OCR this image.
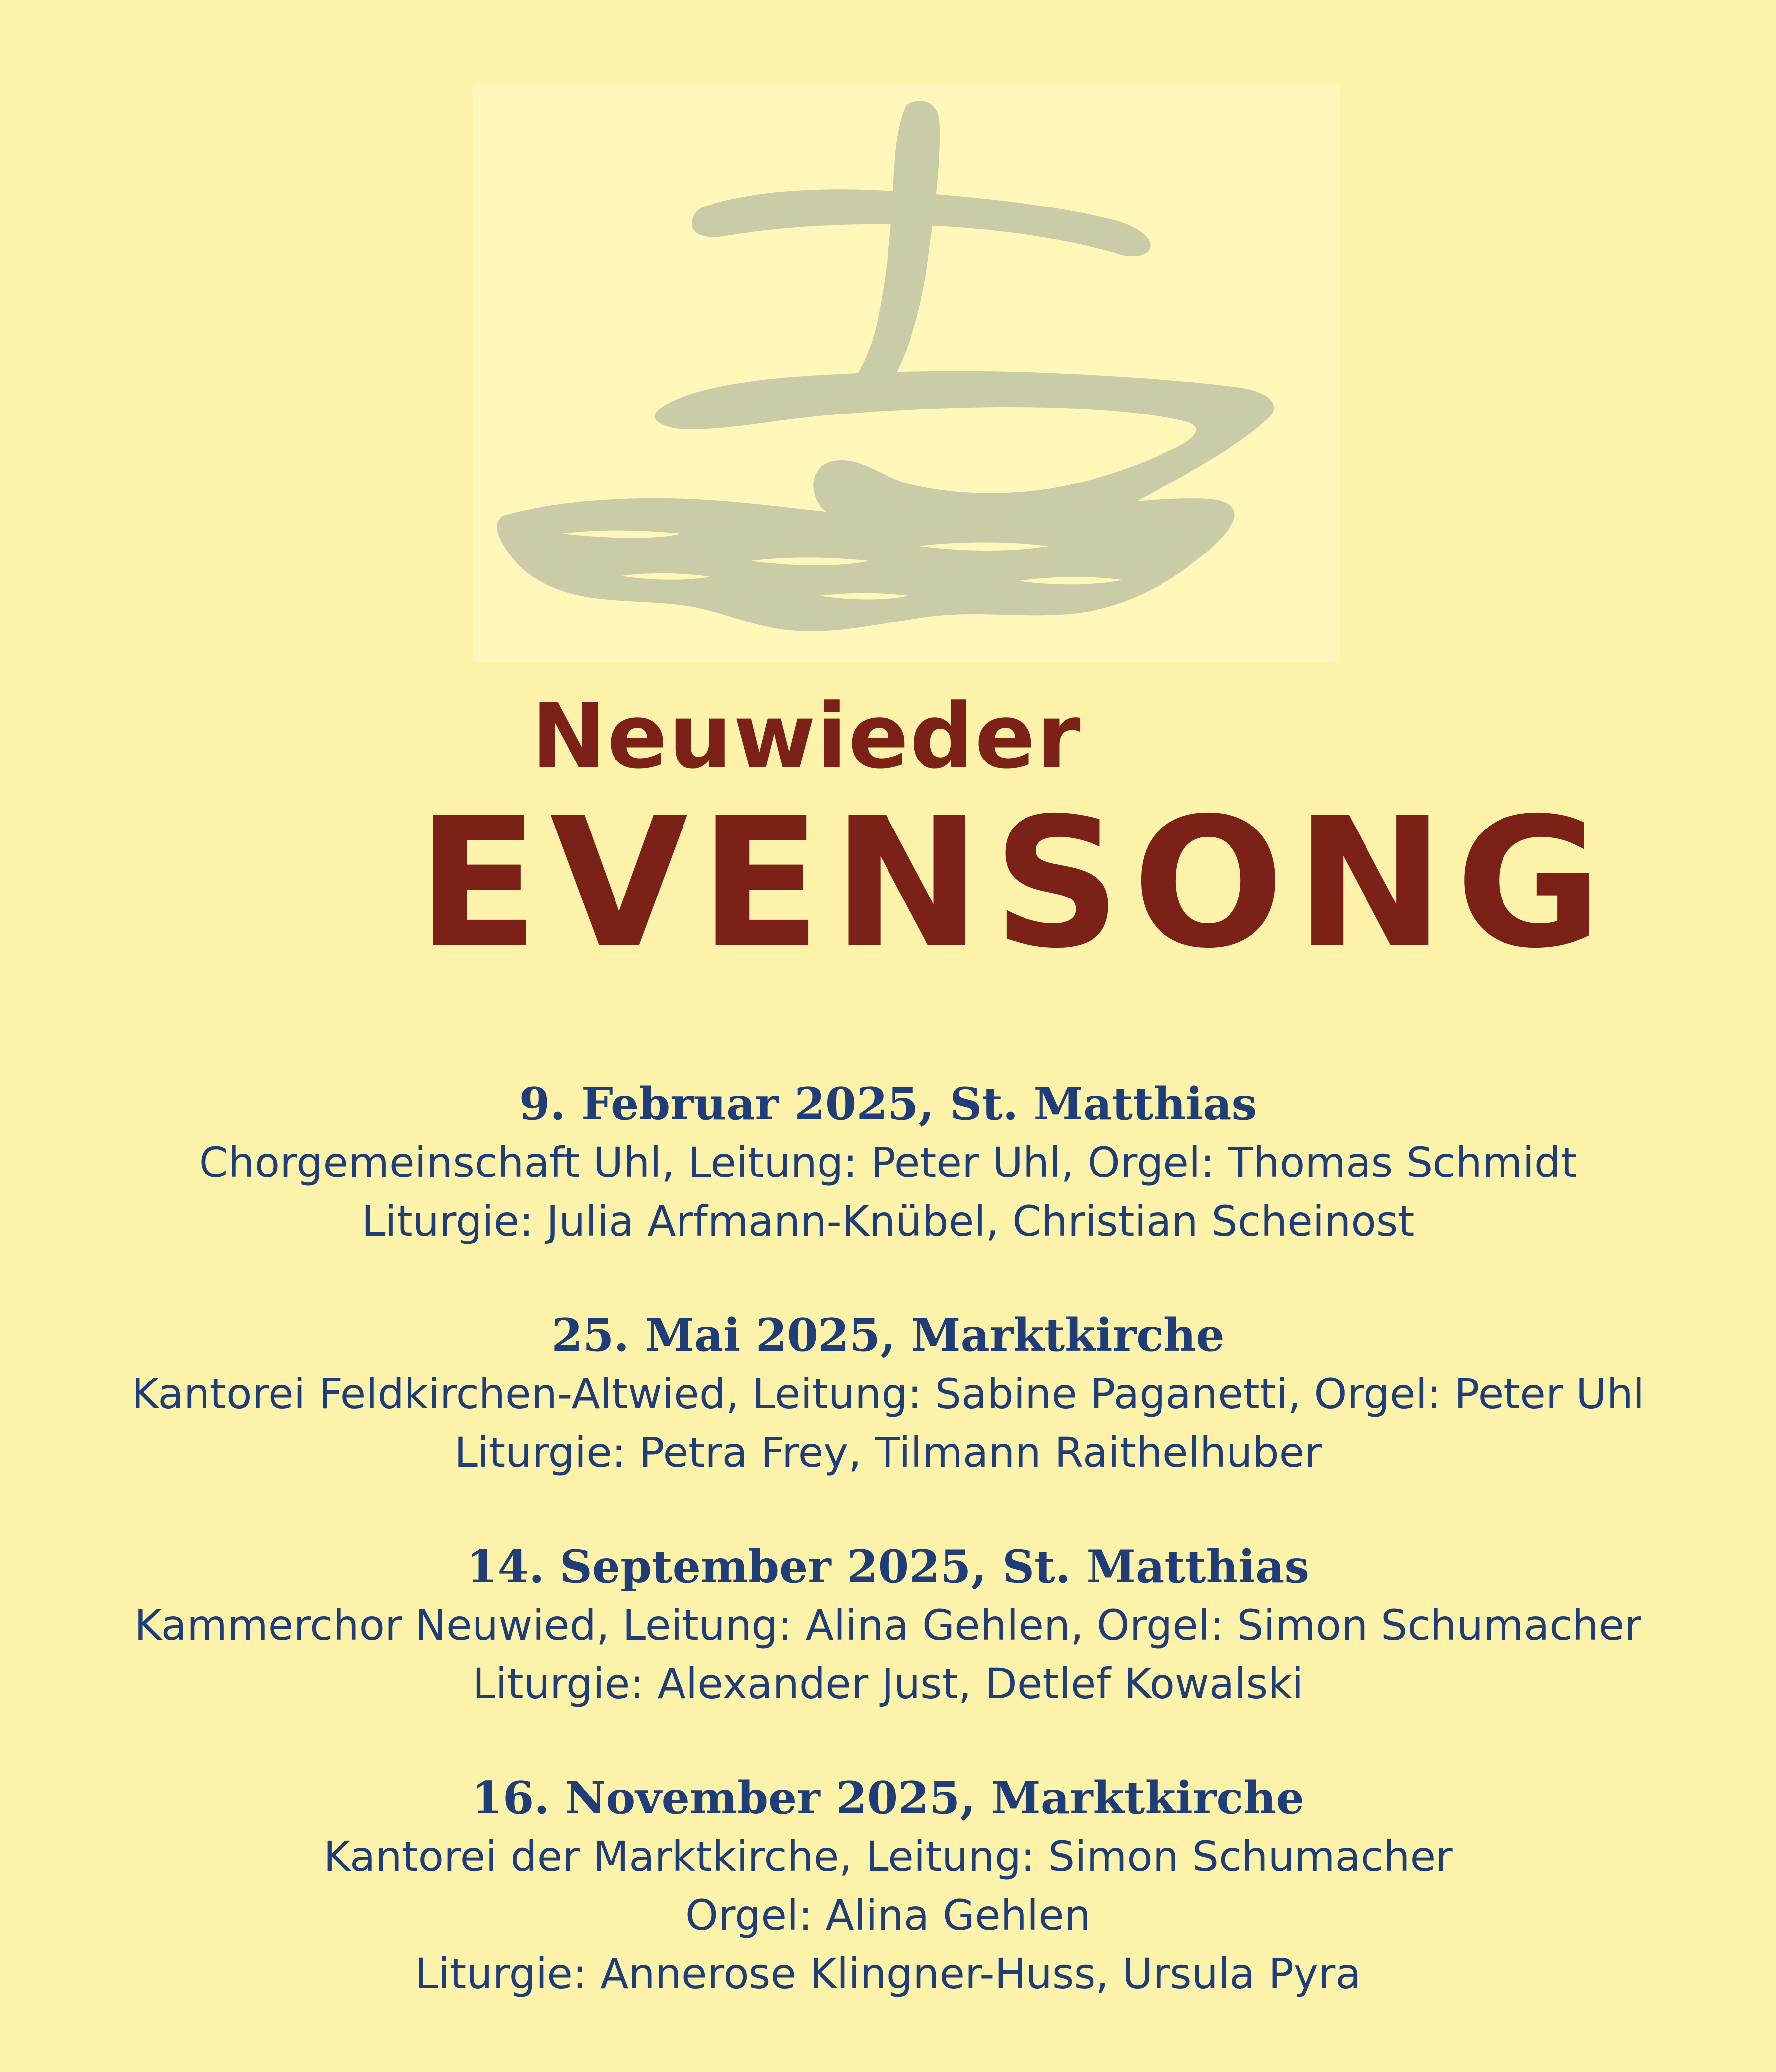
Neuwieder
EVENSONG
9. Februar 2025, St. Matthias
Chorgemeinschaft Uhl, Leitung: Peter Uhl, Orgel: Thomas Schmidt
Liturgie: Julia Arfmann-Knübel, Christian Scheinost
25. Mai 2025, Marktkirche
Kantorei Feldkirchen-Altwied, Leitung: Sabine Paganetti, Orgel: Peter Uhl
Liturgie: Petra Frey, Tilmann Raithelhuber
14. September 2025, St. Matthias
Kammerchor Neuwied, Leitung: Alina Gehlen, Orgel: Simon Schumacher
Liturgie: Alexander Just, Detlef Kowalski
16. November 2025, Marktkirche
Kantorei der Marktkirche, Leitung: Simon Schumacher
Orgel: Alina Gehlen
Liturgie: Annerose Klingner-Huss, Ursula Pyra
